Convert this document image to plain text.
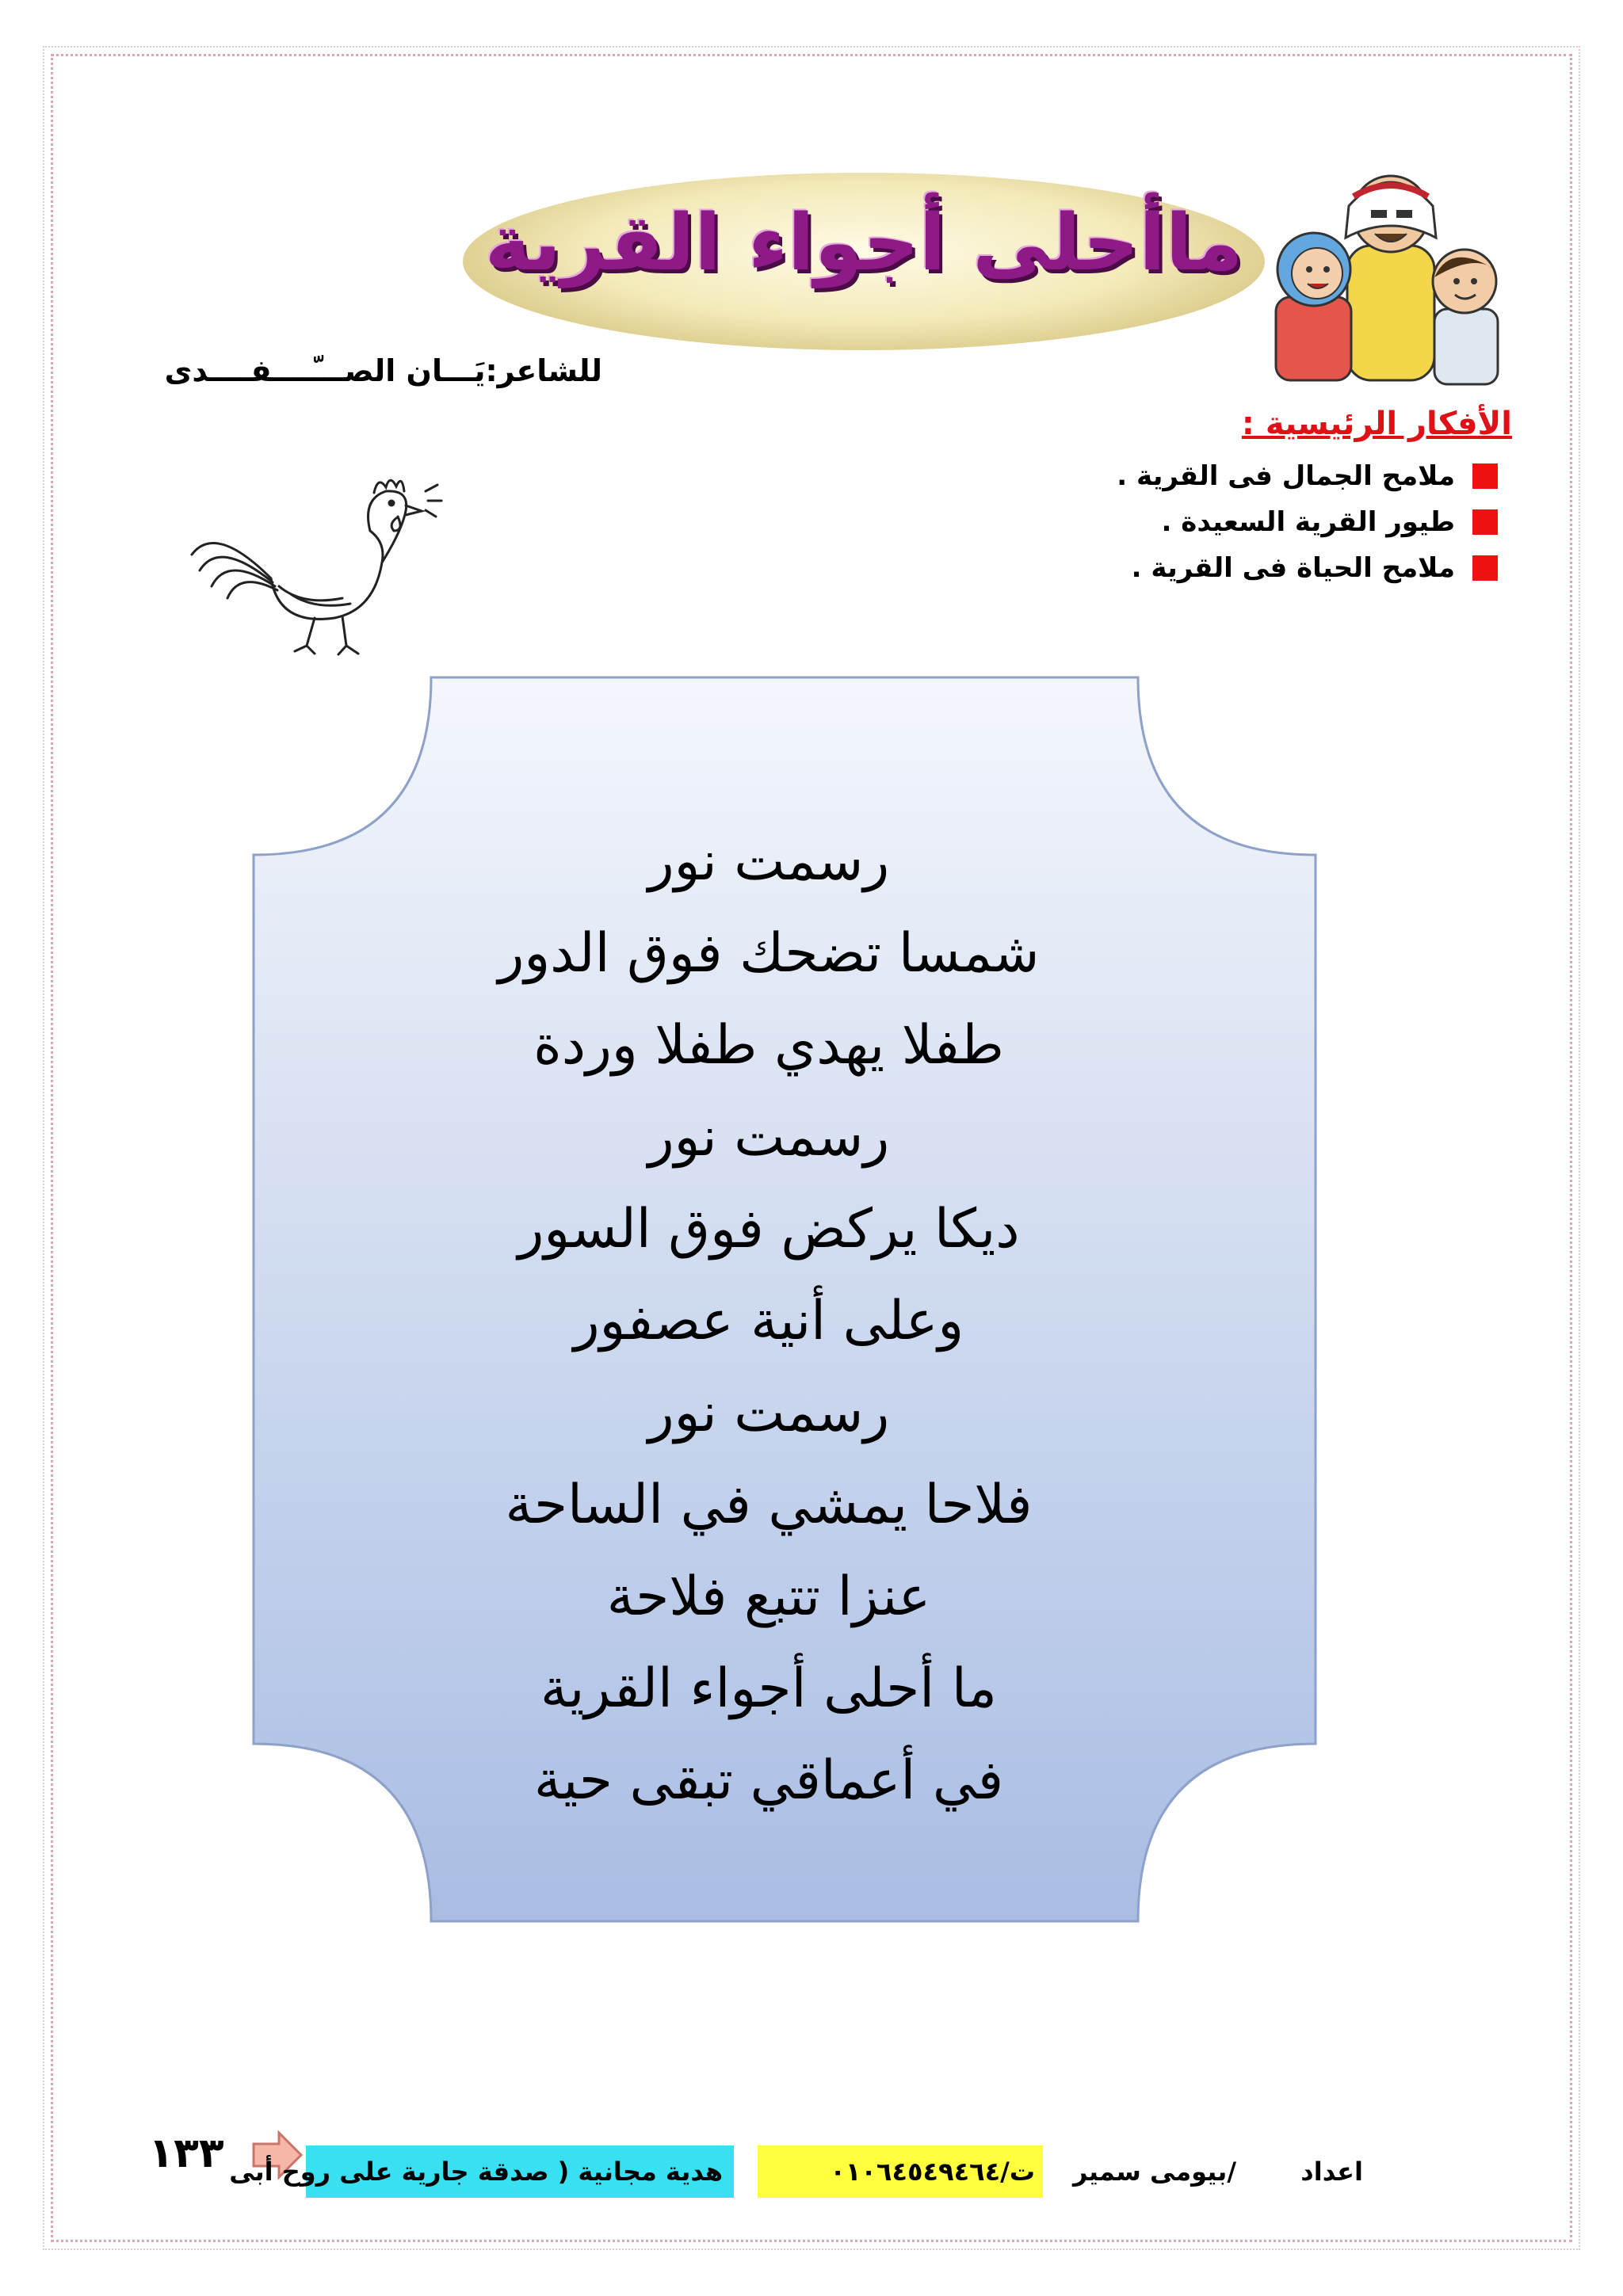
ماأحلى أجواء القرية
للشاعر:يَـــان الصـــّــــفــــدى
الأفكار الرئيسية :
ملامح الجمال فى القرية .
طيور القرية السعيدة .
ملامح الحياة فى القرية .
رسمت نور
شمسا تضحك فوق الدور
طفلا يهدي طفلا وردة
رسمت نور
ديكا يركض فوق السور
وعلى أنية عصفور
رسمت نور
فلاحا يمشي في الساحة
عنزا تتبع فلاحة
ما أحلى أجواء القرية
في أعماقي تبقى حية
١٣٣ هدية مجانية ( صدقة جارية على روح أبى	ت/٠١٠٦٤٥٤٩٤٦٤	/بيومى سمير	اعداد
